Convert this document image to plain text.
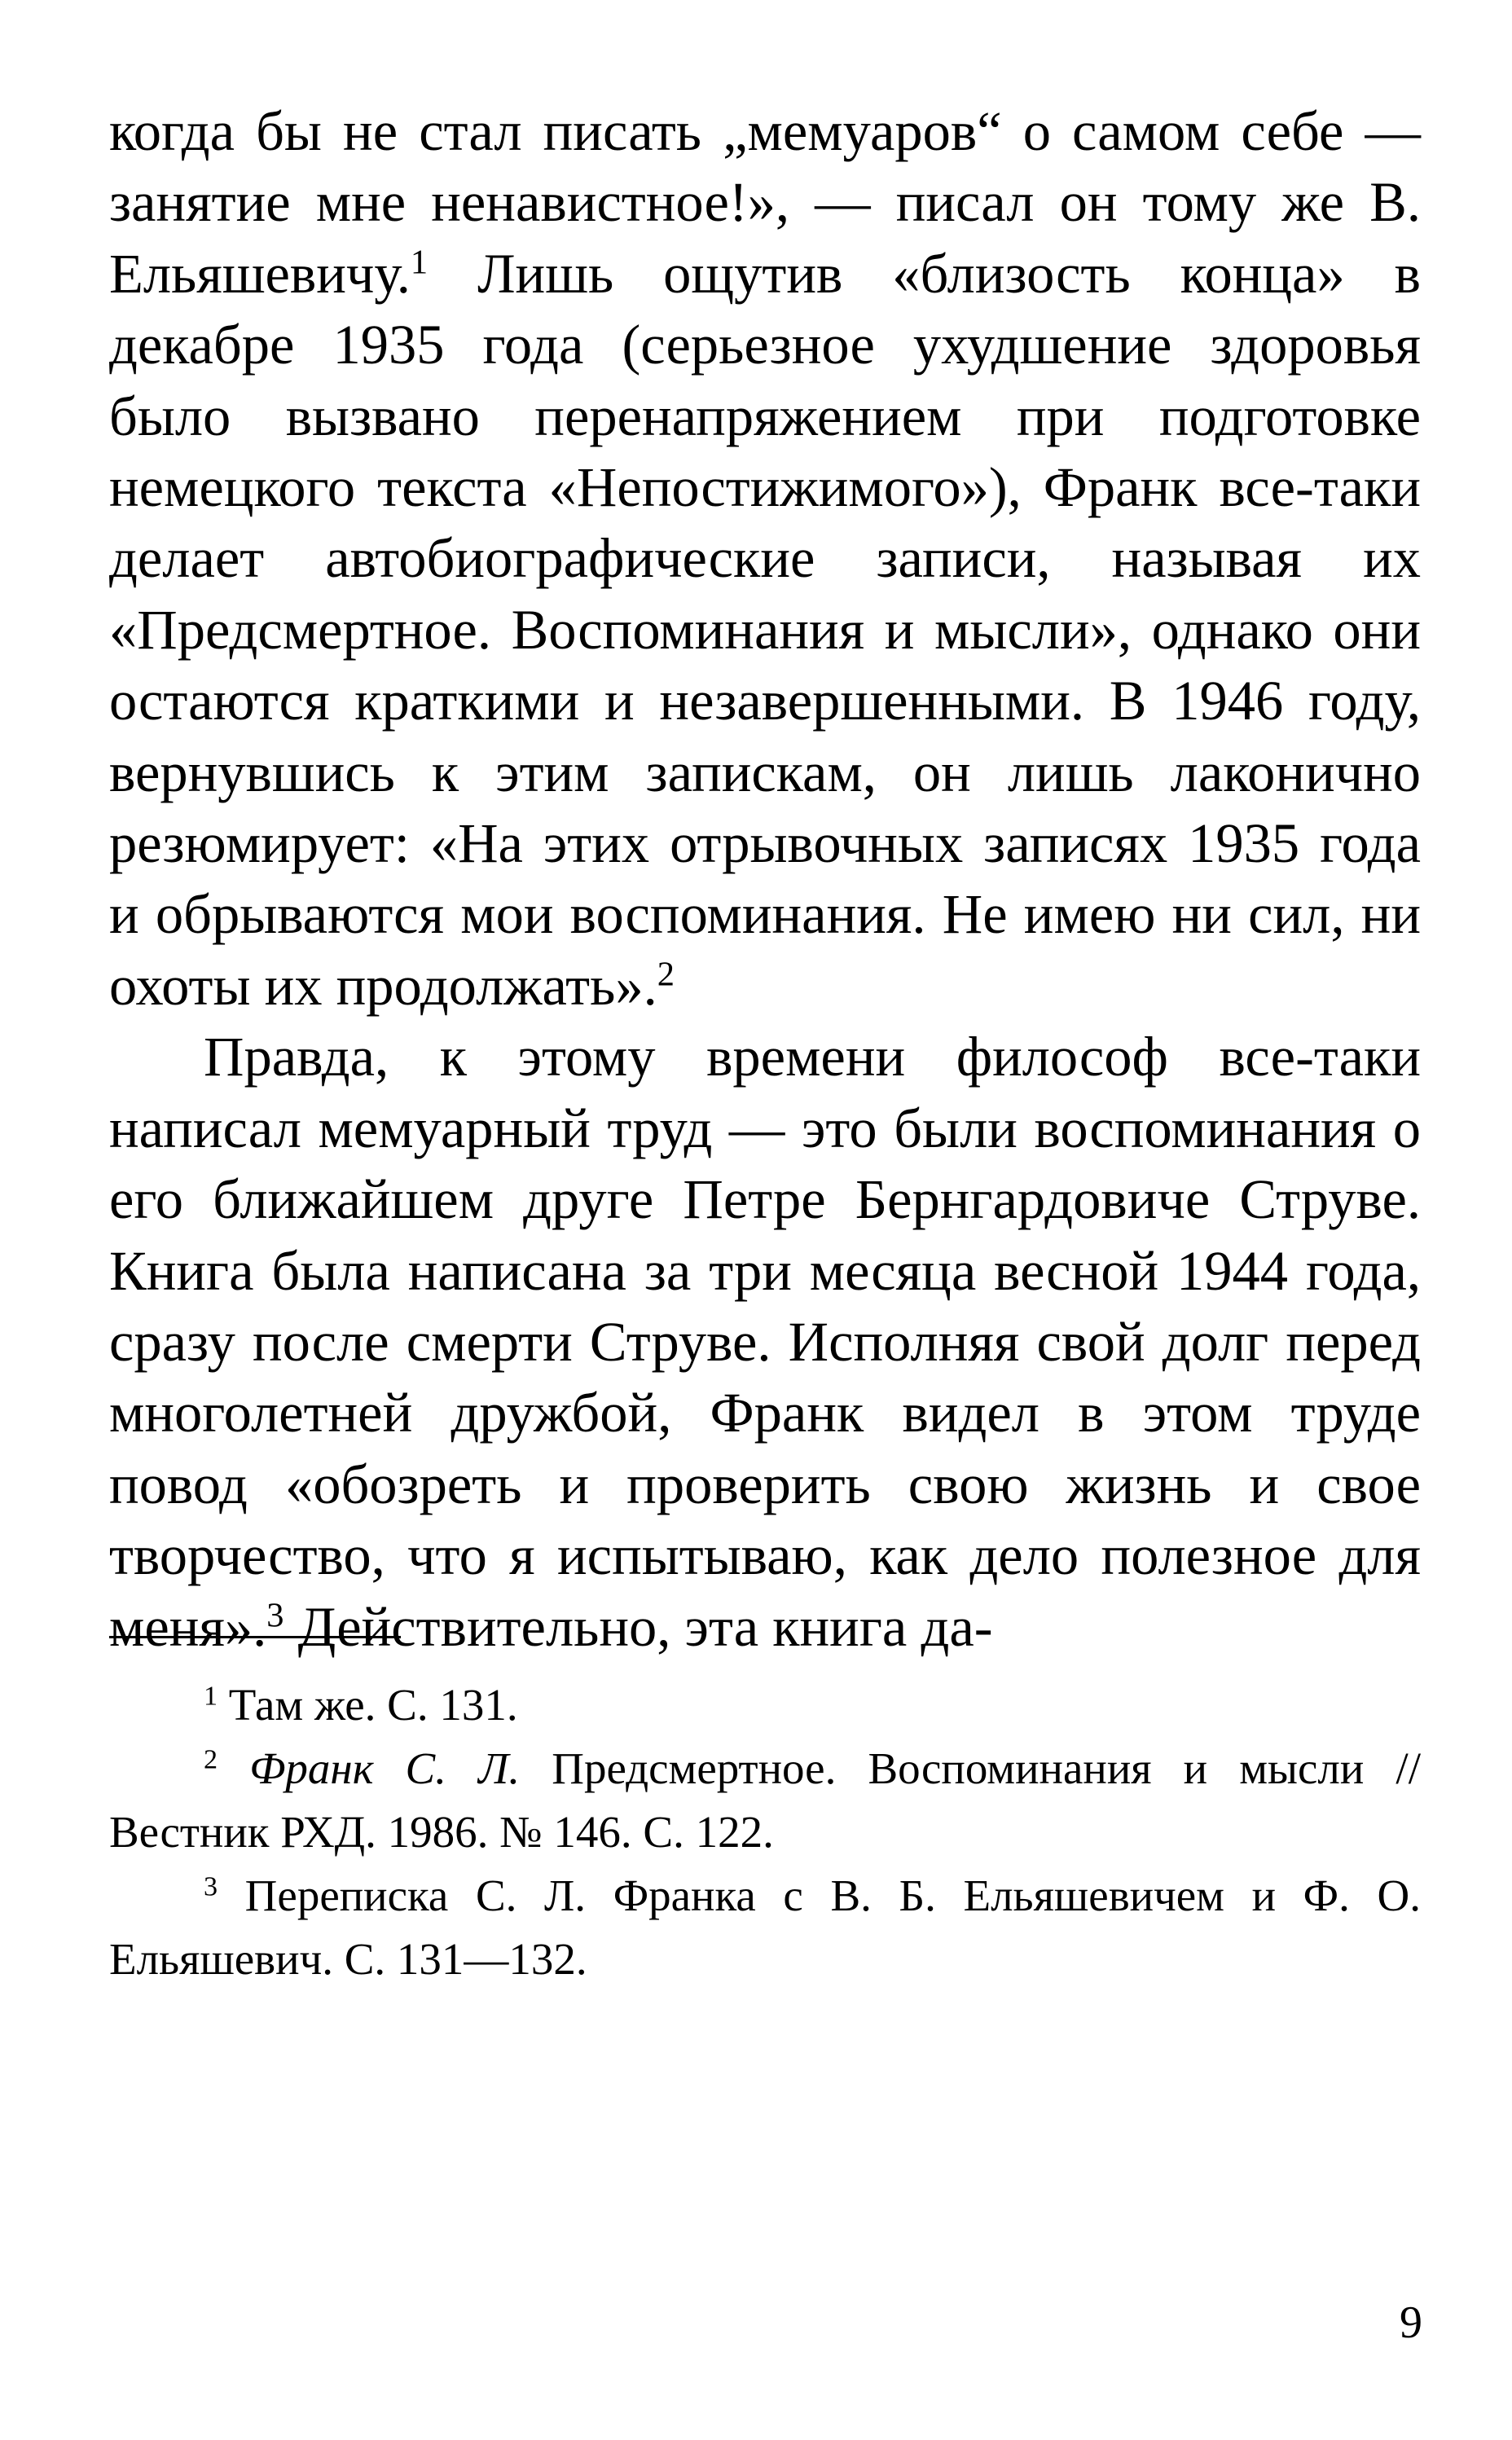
когда бы не стал писать „мемуаров“ о самом себе — занятие мне ненавистное!», — писал он тому же В. Ельяшевичу.$^1$ Лишь ощутив «близость конца» в декабре 1935 года (серьезное ухудшение здоровья было вызвано перенапряжением при подготовке немецкого текста «Непостижимого»), Франк все-таки делает автобиографические записи, называя их «Предсмертное. Воспоминания и мысли», однако они остаются краткими и незавершенными. В 1946 году, вернувшись к этим запискам, он лишь лаконично резюмирует: «На этих отрывочных записях 1935 года и обрываются мои воспоминания. Не имею ни сил, ни охоты их продолжать».$^2$

Правда, к этому времени философ все-таки написал мемуарный труд — это были воспоминания о его ближайшем друге Петре Бернгардовиче Струве. Книга была написана за три месяца весной 1944 года, сразу после смерти Струве. Исполняя свой долг перед многолетней дружбой, Франк видел в этом труде повод «обозреть и проверить свою жизнь и свое творчество, что я испытываю, как дело полезное для меня».$^3$ Действительно, эта книга да-

$^1$ Там же. С. 131.

$^2$ Франк С. Л. Предсмертное. Воспоминания и мысли // Вестник РХД. 1986. № 146. С. 122.

$^3$ Переписка С. Л. Франка с В. Б. Ельяшевичем и Ф. О. Ельяшевич. С. 131—132.

9
